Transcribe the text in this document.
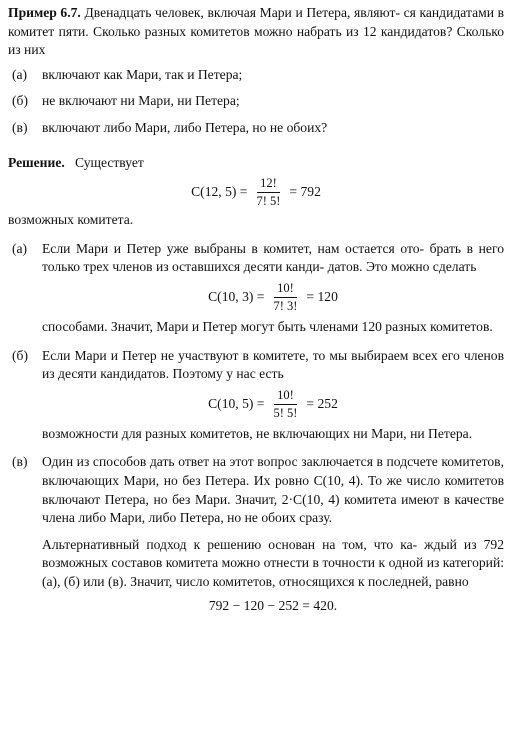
Пример 6.7. Двенадцать человек, включая Мари и Петера, являют- ся кандидатами в комитет пяти. Сколько разных комитетов можно набрать из 12 кандидатов? Сколько из них

(а)	включают как Мари, так и Петера;
(б)	не включают ни Мари, ни Петера;
(в)	включают либо Мари, либо Петера, но не обоих?

Решение. Существует

C(12, $5) = \frac{12!}{7! 5!} = 792$

возможных комитета.

(а)	Если Мари и Петер уже выбраны в комитет, нам остается ото- брать в него только трех членов из оставшихся десяти канди- датов. Это можно сделать

C(10, $3) = \frac{10!}{7! 3!} = 120$

способами. Значит, Мари и Петер могут быть членами 120 разных комитетов.

(б)	Если Мари и Петер не участвуют в комитете, то мы выбираем всех его членов из десяти кандидатов. Поэтому у нас есть

C(10, $5) = \frac{10!}{5! 5!} = 252$

возможности для разных комитетов, не включающих ни Мари, ни Петера.

(в)	Один из способов дать ответ на этот вопрос заключается в подсчете комитетов, включающих Мари, но без Петера. Их ровно C(10, 4). То же число комитетов включают Петера, но без Мари. Значит, 2·C(10, 4) комитета имеют в качестве члена либо Мари, либо Петера, но не обоих сразу.

Альтернативный подход к решению основан на том, что ка- ждый из 792 возможных составов комитета можно отнести в точности к одной из категорий: (а), (б) или (в). Значит, число комитетов, относящихся к последней, равно

792 − 120 − 252 = 420.
